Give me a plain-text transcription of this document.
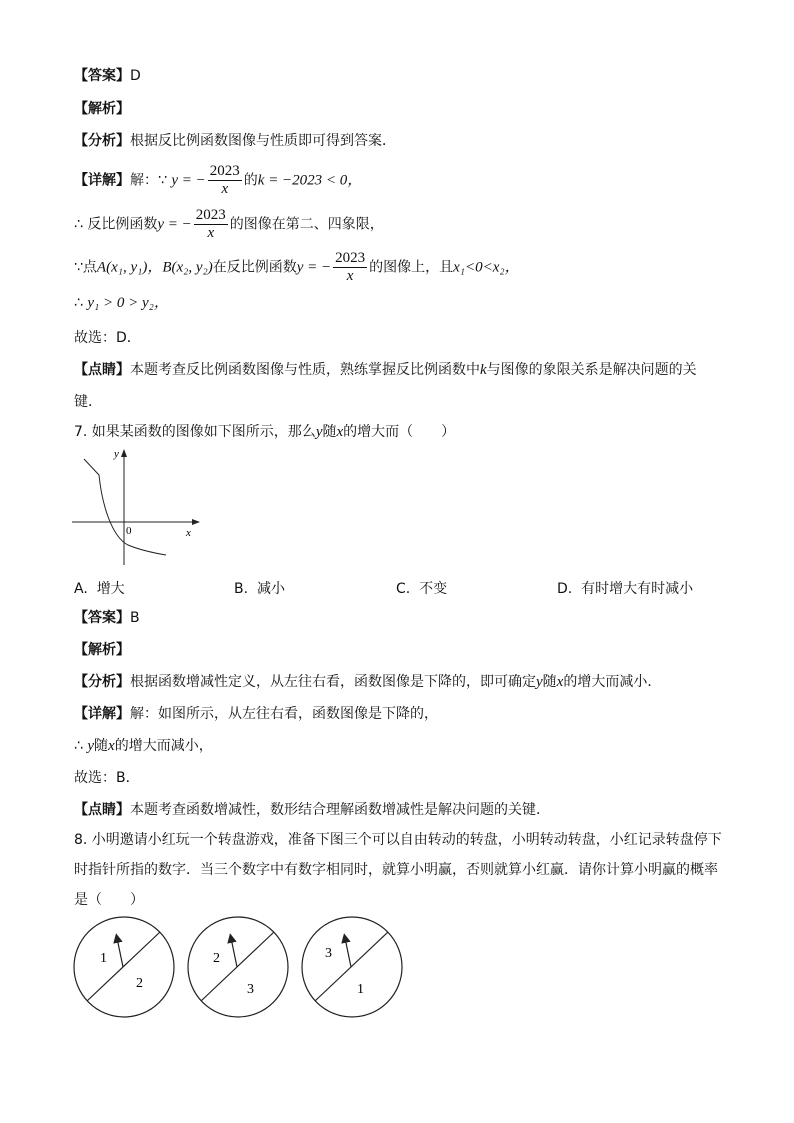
【答案】D
【解析】
【分析】根据反比例函数图像与性质即可得到答案．
【详解】解：∵ y = − $\frac{2023}{x}$ 的k = −2023 < 0，
∴ 反比例函数y = − $\frac{2023}{x}$ 的图像在第二、四象限，
∵点A(x₁, y₁)，B(x₂, y₂)在反比例函数y = − $\frac{2023}{x}$ 的图像上，且x₁<0<x₂，
∴ y₁ > 0 > y₂，
故选：D．
【点睛】本题考查反比例函数图像与性质，熟练掌握反比例函数中k与图像的象限关系是解决问题的关
键．
7. 如果某函数的图像如下图所示，那么y随x的增大而（　　）
y
x
0
A. 增大	B. 减小	C. 不变	D. 有时增大有时减小
【答案】B
【解析】
【分析】根据函数增减性定义，从左往右看，函数图像是下降的，即可确定y随x的增大而减小．
【详解】解：如图所示，从左往右看，函数图像是下降的，
∴ y随x的增大而减小，
故选：B．
【点睛】本题考查函数增减性，数形结合理解函数增减性是解决问题的关键．
8. 小明邀请小红玩一个转盘游戏，准备下图三个可以自由转动的转盘，小明转动转盘，小红记录转盘停下
时指针所指的数字．当三个数字中有数字相同时，就算小明赢，否则就算小红赢．请你计算小明赢的概率
是（　　）
1
2
2
3
3
1
